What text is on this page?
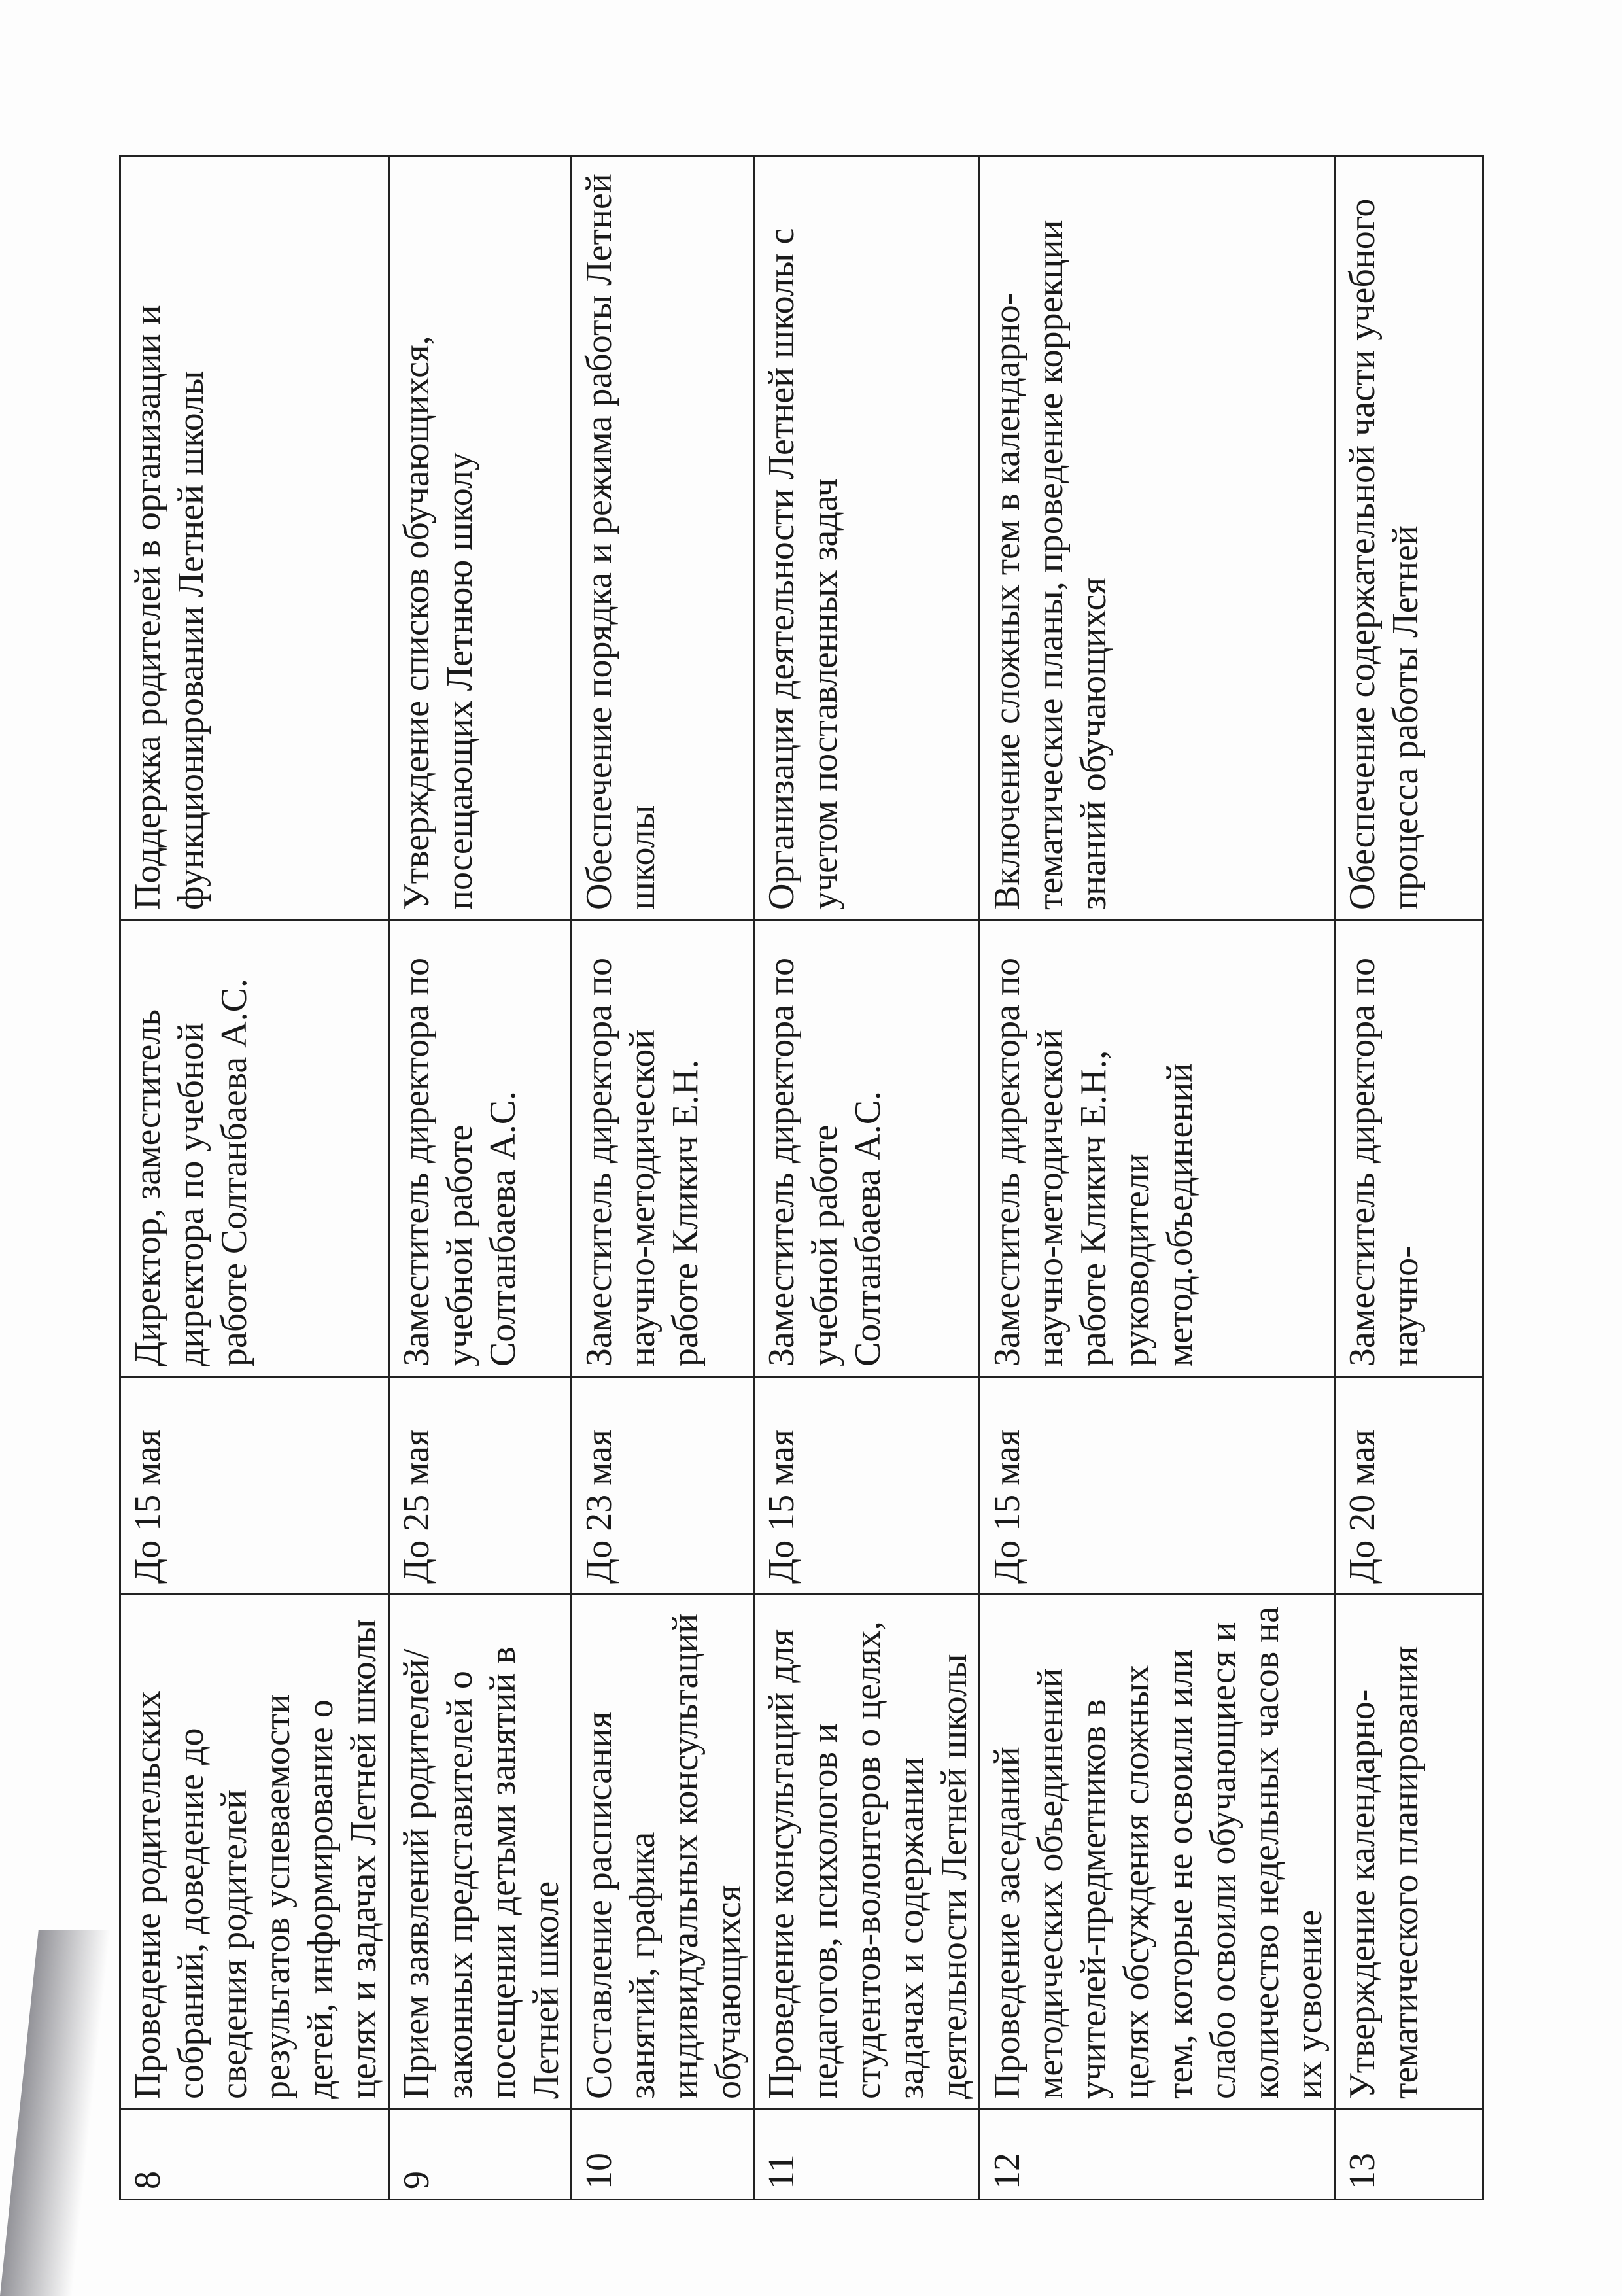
8	Проведение родительских собраний, доведение до сведения родителей результатов успеваемости детей, информирование о целях и задачах Летней школы	До 15 мая	Директор, заместитель директора по учебной работе Солтанбаева А.С.	Поддержка родителей в организации и функционировании Летней школы
9	Прием заявлений родителей/законных представителей о посещении детьми занятий в Летней школе	До 25 мая	Заместитель директора по учебной работе Солтанбаева А.С.	Утверждение списков обучающихся, посещающих Летнюю школу
10	Составление расписания занятий, графика индивидуальных консультаций обучающихся	До 23 мая	Заместитель директора по научно-методической работе Кликич Е.Н.	Обеспечение порядка и режима работы Летней школы
11	Проведение консультаций для педагогов, психологов и студентов-волонтеров о целях, задачах и содержании деятельности Летней школы	До 15 мая	Заместитель директора по учебной работе Солтанбаева А.С.	Организация деятельности Летней школы с учетом поставленных задач
12	Проведение заседаний методических объединений учителей-предметников в целях обсуждения сложных тем, которые не освоили или слабо освоили обучающиеся и количество недельных часов на их усвоение	До 15 мая	Заместитель директора по научно-методической работе Кликич Е.Н., руководители метод.объединений	Включение сложных тем в календарно-тематические планы, проведение коррекции знаний обучающихся
13	Утверждение календарно-тематического планирования	До 20 мая	Заместитель директора по научно-	Обеспечение содержательной части учебного процесса работы Летней
